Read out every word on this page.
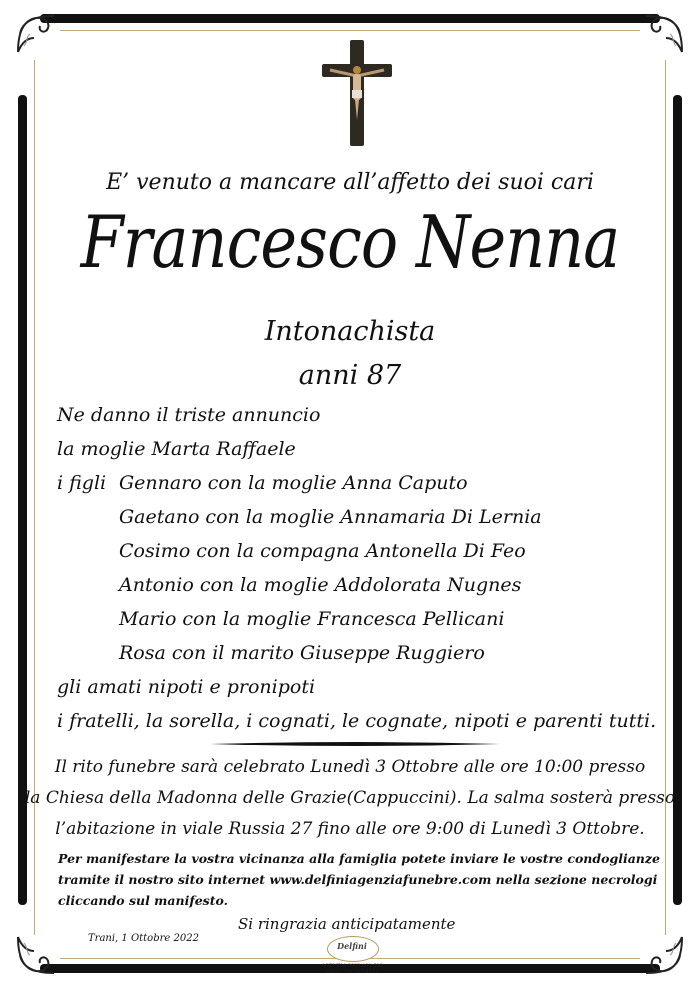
E’ venuto a mancare all’affetto dei suoi cari
Francesco Nenna
Intonachista
anni 87
Ne danno il triste annuncio
la moglie Marta Raffaele
i figli Gennaro con la moglie Anna Caputo
Gaetano con la moglie Annamaria Di Lernia
Cosimo con la compagna Antonella Di Feo
Antonio con la moglie Addolorata Nugnes
Mario con la moglie Francesca Pellicani
Rosa con il marito Giuseppe Ruggiero
gli amati nipoti e pronipoti
i fratelli, la sorella, i cognati, le cognate, nipoti e parenti tutti.
Il rito funebre sarà celebrato Lunedì 3 Ottobre alle ore 10:00 presso
la Chiesa della Madonna delle Grazie(Cappuccini). La salma sosterà presso
l’abitazione in viale Russia 27 fino alle ore 9:00 di Lunedì 3 Ottobre.
Per manifestare la vostra vicinanza alla famiglia potete inviare le vostre condoglianze
tramite il nostro sito internet www.delfiniagenziafunebre.com nella sezione necrologi
cliccando sul manifesto.
Si ringrazia anticipatamente
Trani, 1 Ottobre 2022
Delfini
AGENZIA 0883 481 608
CELL. 340 282 6772
